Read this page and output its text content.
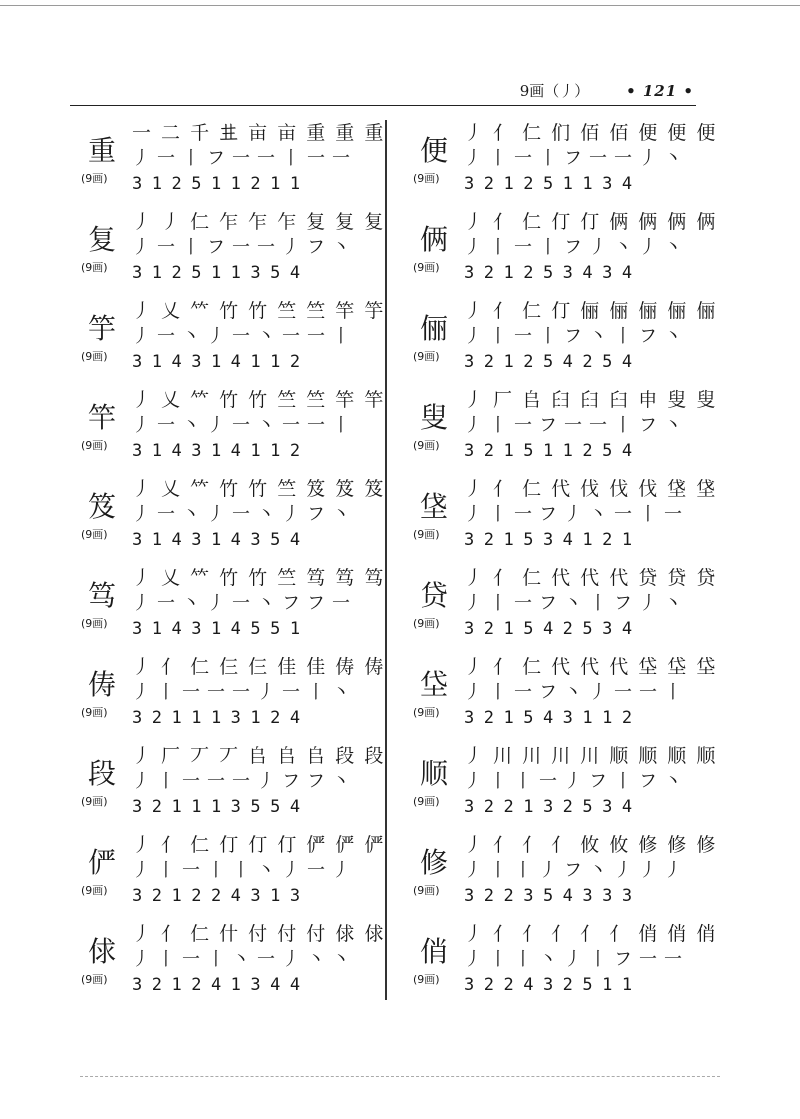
9画（丿） • 121 •
重
(9画)
一 二 千 𠀎 亩 亩 重 重 重
丿一丨フ一一丨一一
312511211
复
(9画)
丿 丿 仁 乍 乍 乍 复 复 复
丿一丨フ一一丿フ丶
312511354
竽
(9画)
丿 乂 𥫗 竹 竹 竺 竺 竿 竽
丿一丶丿一丶一一丨
314314112
竿
(9画)
丿 乂 𥫗 竹 竹 竺 竺 竿 竿
丿一丶丿一丶一一丨
314314112
笈
(9画)
丿 乂 𥫗 竹 竹 竺 笈 笈 笈
丿一丶丿一丶丿フ丶
314314354
笃
(9画)
丿 乂 𥫗 竹 竹 竺 笃 笃 笃
丿一丶丿一丶フフ一
314314551
俦
(9画)
丿 亻 仁 仨 仨 佳 佳 俦 俦
丿丨一一一丿一丨丶
321113124
段
(9画)
丿 厂 丆 丆 𠂤 𠂤 𠂤 段 段
丿丨一一一丿フフ丶
321113554
俨
(9画)
丿 亻 仁 仃 仃 仃 俨 俨 俨
丿丨一丨丨丶丿一丿
321224313
俅
(9画)
丿 亻 仁 什 付 付 付 俅 俅
丿丨一丨丶一丿丶丶
321241344
便
(9画)
丿 亻 仁 们 佰 佰 便 便 便
丿丨一丨フ一一丿丶
321251134
俩
(9画)
丿 亻 仁 仃 仃 俩 俩 俩 俩
丿丨一丨フ丿丶丿丶
321253434
俪
(9画)
丿 亻 仁 仃 俪 俪 俪 俪 俪
丿丨一丨フ丶丨フ丶
321254254
叟
(9画)
丿 厂 𠂤 𦥑 𦥑 臼 申 叟 叟
丿丨一フ一一丨フ丶
321511254
垡
(9画)
丿 亻 仁 代 伐 伐 伐 垡 垡
丿丨一フ丿丶一丨一
321534121
贷
(9画)
丿 亻 仁 代 代 代 贷 贷 贷
丿丨一フ丶丨フ丿丶
321542534
垈
(9画)
丿 亻 仁 代 代 代 垈 垈 垈
丿丨一フ丶丿一一丨
321543112
顺
(9画)
丿 川 川 川 川 顺 顺 顺 顺
丿丨丨一丿フ丨フ丶
322132534
修
(9画)
丿 亻 亻 亻 攸 攸 修 修 修
丿丨丨丿フ丶丿丿丿
322354333
俏
(9画)
丿 亻 亻 亻 亻 亻 俏 俏 俏
丿丨丨丶丿丨フ一一
322432511
